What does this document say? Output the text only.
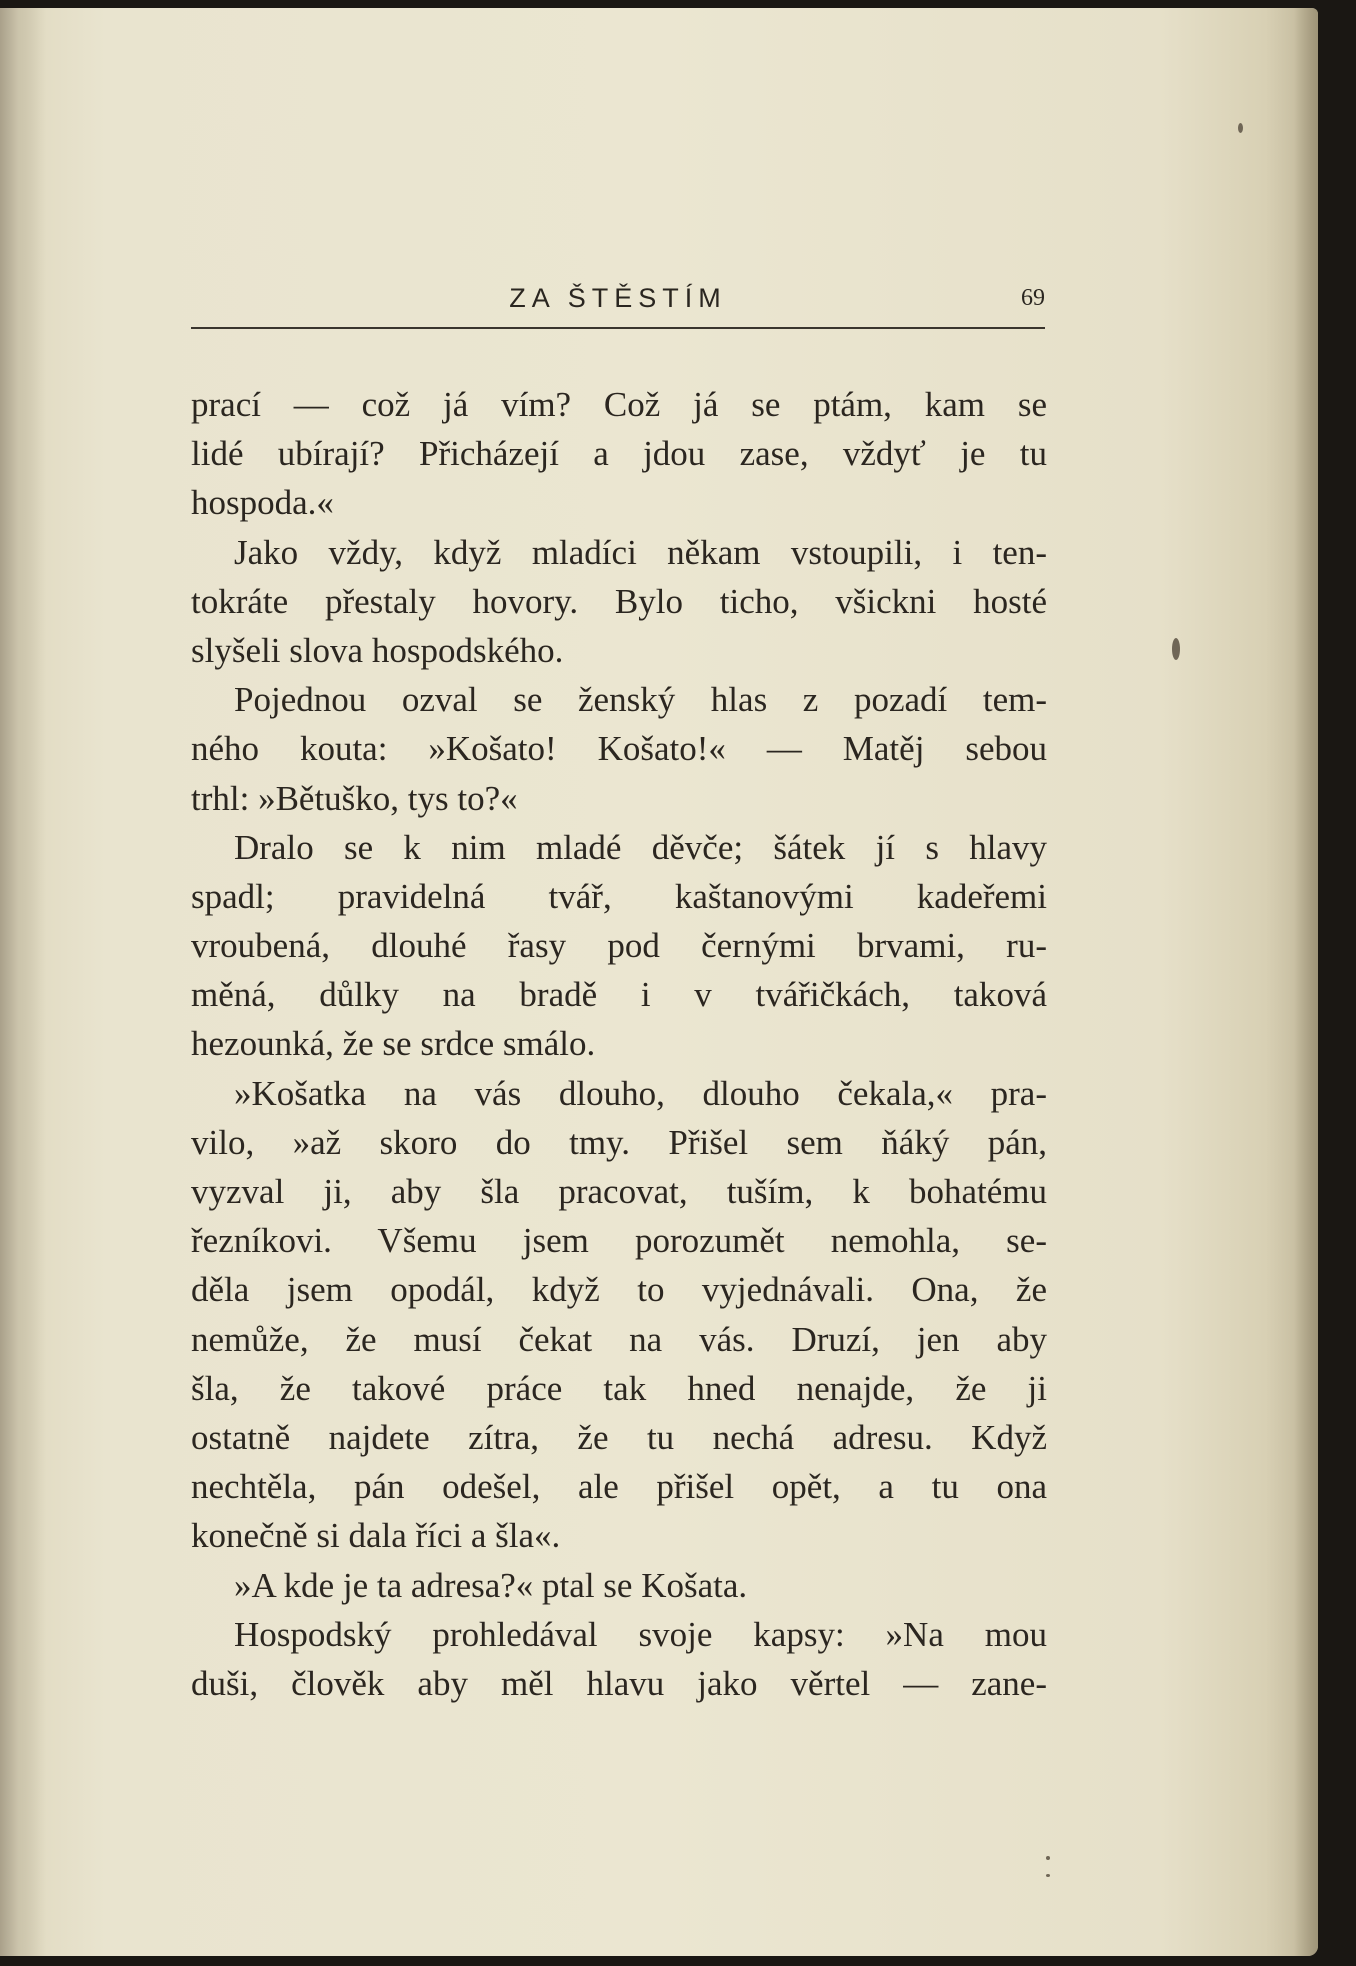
ZA ŠTĚSTÍM	69
prací — což já vím? Což já se ptám, kam se
lidé ubírají? Přicházejí a jdou zase, vždyť je tu
hospoda.«
Jako vždy, když mladíci někam vstoupili, i ten-
tokráte přestaly hovory. Bylo ticho, všickni hosté
slyšeli slova hospodského.
Pojednou ozval se ženský hlas z pozadí tem-
ného kouta: »Košato! Košato!« — Matěj sebou
trhl: »Bětuško, tys to?«
Dralo se k nim mladé děvče; šátek jí s hlavy
spadl; pravidelná tvář, kaštanovými kadeřemi
vroubená, dlouhé řasy pod černými brvami, ru-
měná, důlky na bradě i v tvářičkách, taková
hezounká, že se srdce smálo.
»Košatka na vás dlouho, dlouho čekala,« pra-
vilo, »až skoro do tmy. Přišel sem ňáký pán,
vyzval ji, aby šla pracovat, tuším, k bohatému
řezníkovi. Všemu jsem porozumět nemohla, se-
děla jsem opodál, když to vyjednávali. Ona, že
nemůže, že musí čekat na vás. Druzí, jen aby
šla, že takové práce tak hned nenajde, že ji
ostatně najdete zítra, že tu nechá adresu. Když
nechtěla, pán odešel, ale přišel opět, a tu ona
konečně si dala říci a šla«.
»A kde je ta adresa?« ptal se Košata.
Hospodský prohledával svoje kapsy: »Na mou
duši, člověk aby měl hlavu jako věrtel — zane-
